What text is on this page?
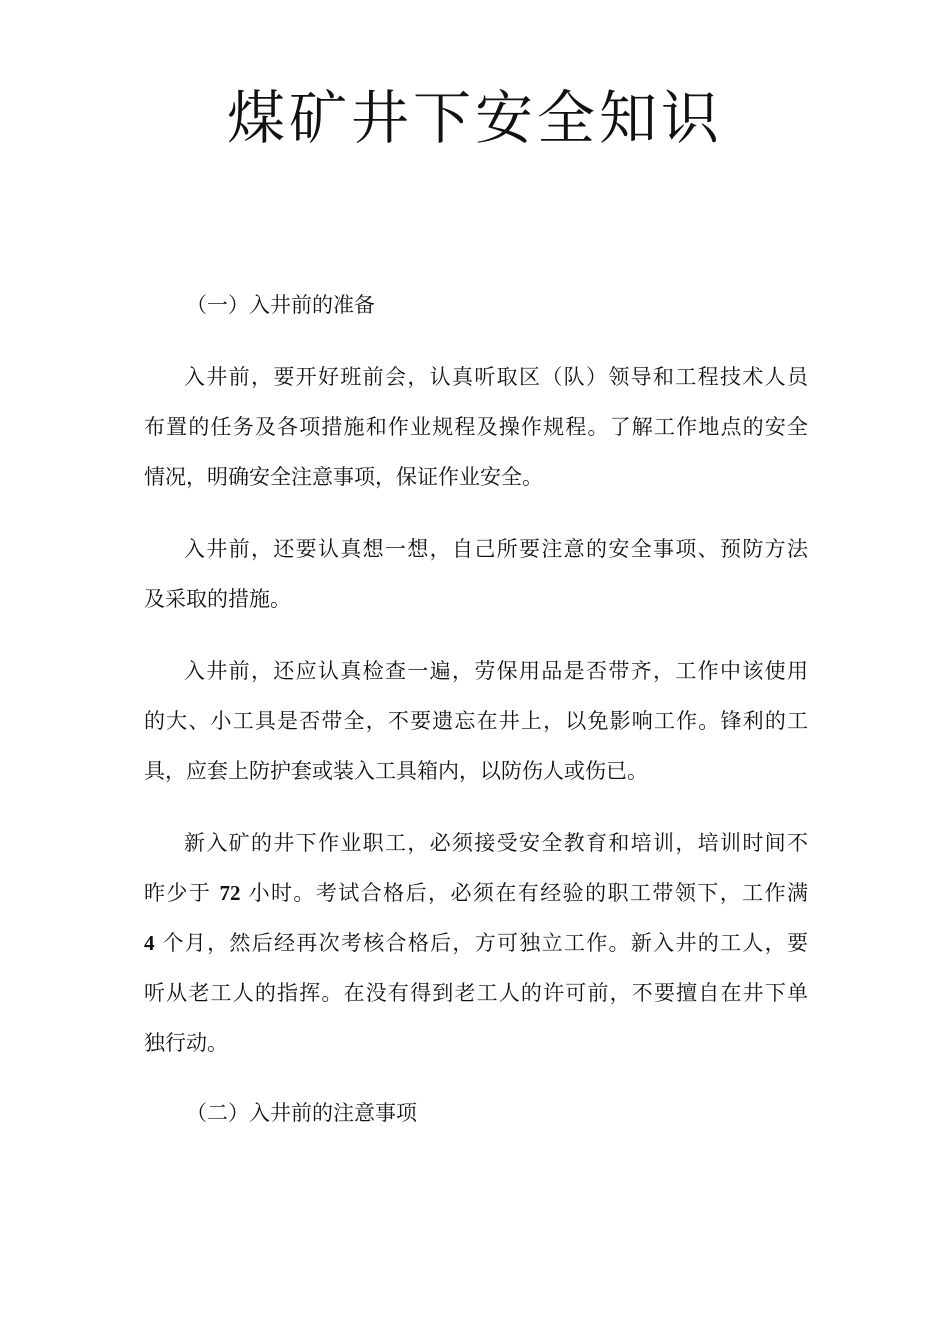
煤矿井下安全知识

（一）入井前的准备

入井前，要开好班前会，认真听取区（队）领导和工程技术人员
布置的任务及各项措施和作业规程及操作规程。了解工作地点的安全
情况，明确安全注意事项，保证作业安全。
入井前，还要认真想一想，自己所要注意的安全事项、预防方法
及采取的措施。
入井前，还应认真检查一遍，劳保用品是否带齐，工作中该使用
的大、小工具是否带全，不要遗忘在井上，以免影响工作。锋利的工
具，应套上防护套或装入工具箱内，以防伤人或伤已。
新入矿的井下作业职工，必须接受安全教育和培训，培训时间不
昨少于 72 小时。考试合格后，必须在有经验的职工带领下，工作满
4 个月，然后经再次考核合格后，方可独立工作。新入井的工人，要
听从老工人的指挥。在没有得到老工人的许可前，不要擅自在井下单
独行动。

（二）入井前的注意事项
